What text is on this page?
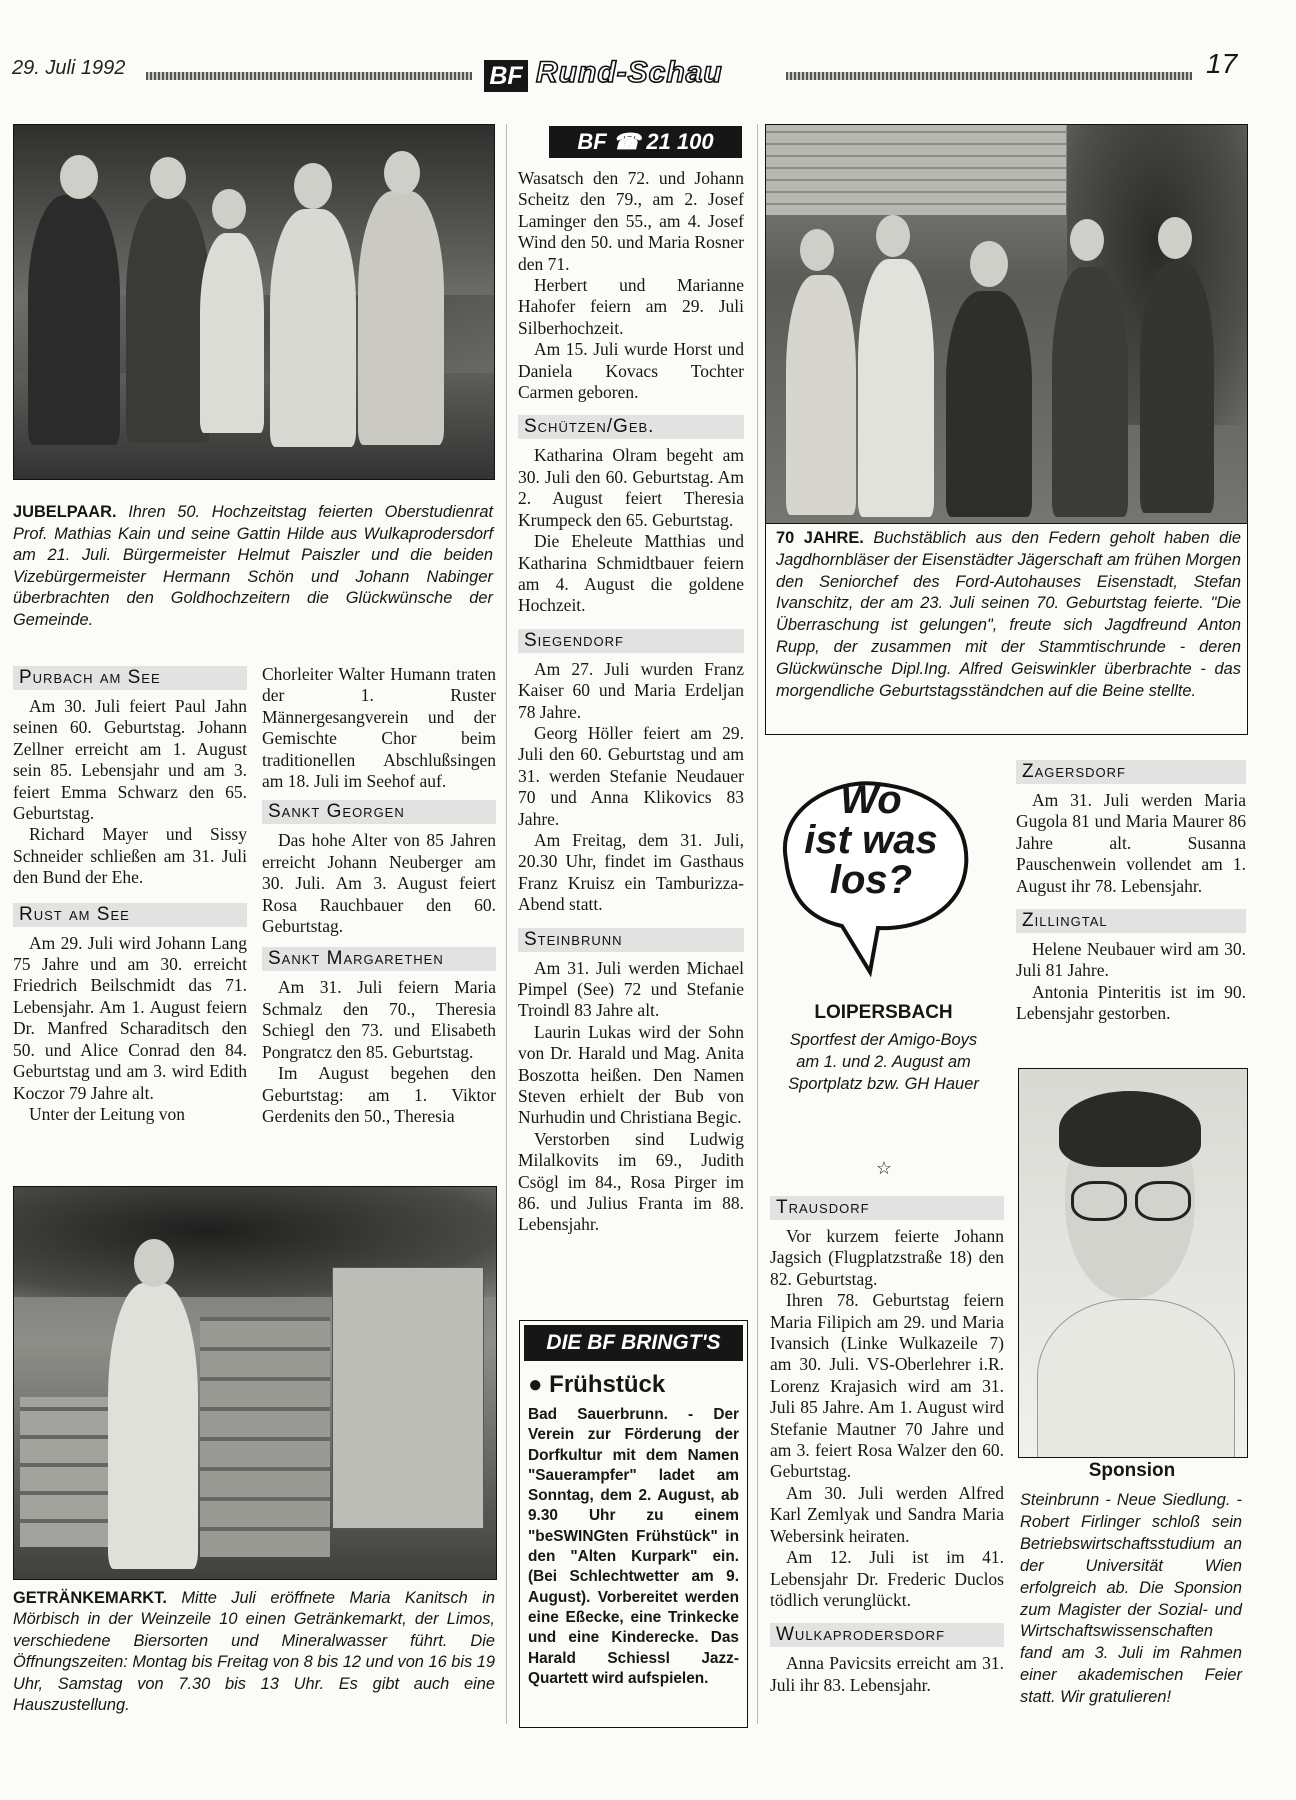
29. Juli 1992	BF Rund-Schau	17
JUBELPAAR. Ihren 50. Hochzeitstag feierten Oberstudienrat Prof. Mathias Kain und seine Gattin Hilde aus Wulkaprodersdorf am 21. Juli. Bürgermeister Helmut Paiszler und die beiden Vizebürgermeister Hermann Schön und Johann Nabinger überbrachten den Goldhochzeitern die Glückwünsche der Gemeinde.
Purbach am See

Am 30. Juli feiert Paul Jahn seinen 60. Geburtstag. Johann Zellner erreicht am 1. August sein 85. Lebensjahr und am 3. feiert Emma Schwarz den 65. Geburtstag.

Richard Mayer und Sissy Schneider schließen am 31. Juli den Bund der Ehe.

Rust am See

Am 29. Juli wird Johann Lang 75 Jahre und am 30. erreicht Friedrich Beilschmidt das 71. Lebensjahr. Am 1. August feiern Dr. Manfred Scharaditsch den 50. und Alice Conrad den 84. Geburtstag und am 3. wird Edith Koczor 79 Jahre alt.

Unter der Leitung von

Chorleiter Walter Humann traten der 1. Ruster Männergesangverein und der Gemischte Chor beim traditionellen Abschlußsingen am 18. Juli im Seehof auf.

Sankt Georgen

Das hohe Alter von 85 Jahren erreicht Johann Neuberger am 30. Juli. Am 3. August feiert Rosa Rauchbauer den 60. Geburtstag.

Sankt Margarethen

Am 31. Juli feiern Maria Schmalz den 70., Theresia Schiegl den 73. und Elisabeth Pongratcz den 85. Geburtstag.

Im August begehen den Geburtstag: am 1. Viktor Gerdenits den 50., Theresia

GETRÄNKEMARKT. Mitte Juli eröffnete Maria Kanitsch in Mörbisch in der Weinzeile 10 einen Getränkemarkt, der Limos, verschiedene Biersorten und Mineralwasser führt. Die Öffnungszeiten: Montag bis Freitag von 8 bis 12 und von 16 bis 19 Uhr, Samstag von 7.30 bis 13 Uhr. Es gibt auch eine Hauszustellung.
BF ☎ 21 100

Wasatsch den 72. und Johann Scheitz den 79., am 2. Josef Laminger den 55., am 4. Josef Wind den 50. und Maria Rosner den 71.

Herbert und Marianne Hahofer feiern am 29. Juli Silberhochzeit.

Am 15. Juli wurde Horst und Daniela Kovacs Tochter Carmen geboren.

Schützen/Geb.

Katharina Olram begeht am 30. Juli den 60. Geburtstag. Am 2. August feiert Theresia Krumpeck den 65. Geburtstag.

Die Eheleute Matthias und Katharina Schmidtbauer feiern am 4. August die goldene Hochzeit.

Siegendorf

Am 27. Juli wurden Franz Kaiser 60 und Maria Erdeljan 78 Jahre.

Georg Höller feiert am 29. Juli den 60. Geburtstag und am 31. werden Stefanie Neudauer 70 und Anna Klikovics 83 Jahre.

Am Freitag, dem 31. Juli, 20.30 Uhr, findet im Gasthaus Franz Kruisz ein Tamburizza-Abend statt.

Steinbrunn

Am 31. Juli werden Michael Pimpel (See) 72 und Stefanie Troindl 83 Jahre alt.

Laurin Lukas wird der Sohn von Dr. Harald und Mag. Anita Boszotta heißen. Den Namen Steven erhielt der Bub von Nurhudin und Christiana Begic.

Verstorben sind Ludwig Milalkovits im 69., Judith Csögl im 84., Rosa Pirger im 86. und Julius Franta im 88. Lebensjahr.

DIE BF BRINGT'S
● Frühstück
Bad Sauerbrunn. - Der Verein zur Förderung der Dorfkultur mit dem Namen "Sauerampfer" ladet am Sonntag, dem 2. August, ab 9.30 Uhr zu einem "beSWINGten Frühstück" in den "Alten Kurpark" ein. (Bei Schlechtwetter am 9. August). Vorbereitet werden eine Eßecke, eine Trinkecke und eine Kinderecke. Das Harald Schiessl Jazz-Quartett wird aufspielen.
70 JAHRE. Buchstäblich aus den Federn geholt haben die Jagdhornbläser der Eisenstädter Jägerschaft am frühen Morgen den Seniorchef des Ford-Autohauses Eisenstadt, Stefan Ivanschitz, der am 23. Juli seinen 70. Geburtstag feierte. "Die Überraschung ist gelungen", freute sich Jagdfreund Anton Rupp, der zusammen mit der Stammtischrunde - deren Glückwünsche Dipl.Ing. Alfred Geiswinkler überbrachte - das morgendliche Geburtstagsständchen auf die Beine stellte.
Wo
ist was
los?
LOIPERSBACH
Sportfest der Amigo-Boys am 1. und 2. August am Sportplatz bzw. GH Hauer
☆
Trausdorf

Vor kurzem feierte Johann Jagsich (Flugplatzstraße 18) den 82. Geburtstag.

Ihren 78. Geburtstag feiern Maria Filipich am 29. und Maria Ivansich (Linke Wulkazeile 7) am 30. Juli. VS-Oberlehrer i.R. Lorenz Krajasich wird am 31. Juli 85 Jahre. Am 1. August wird Stefanie Mautner 70 Jahre und am 3. feiert Rosa Walzer den 60. Geburtstag.

Am 30. Juli werden Alfred Karl Zemlyak und Sandra Maria Webersink heiraten.

Am 12. Juli ist im 41. Lebensjahr Dr. Frederic Duclos tödlich verunglückt.

Wulkaprodersdorf

Anna Pavicsits erreicht am 31. Juli ihr 83. Lebensjahr.

Zagersdorf

Am 31. Juli werden Maria Gugola 81 und Maria Maurer 86 Jahre alt. Susanna Pauschenwein vollendet am 1. August ihr 78. Lebensjahr.

Zillingtal

Helene Neubauer wird am 30. Juli 81 Jahre.

Antonia Pinteritis ist im 90. Lebensjahr gestorben.

Sponsion
Steinbrunn - Neue Siedlung. - Robert Firlinger schloß sein Betriebswirtschaftsstudium an der Universität Wien erfolgreich ab. Die Sponsion zum Magister der Sozial- und Wirtschaftswissenschaften fand am 3. Juli im Rahmen einer akademischen Feier statt. Wir gratulieren!
